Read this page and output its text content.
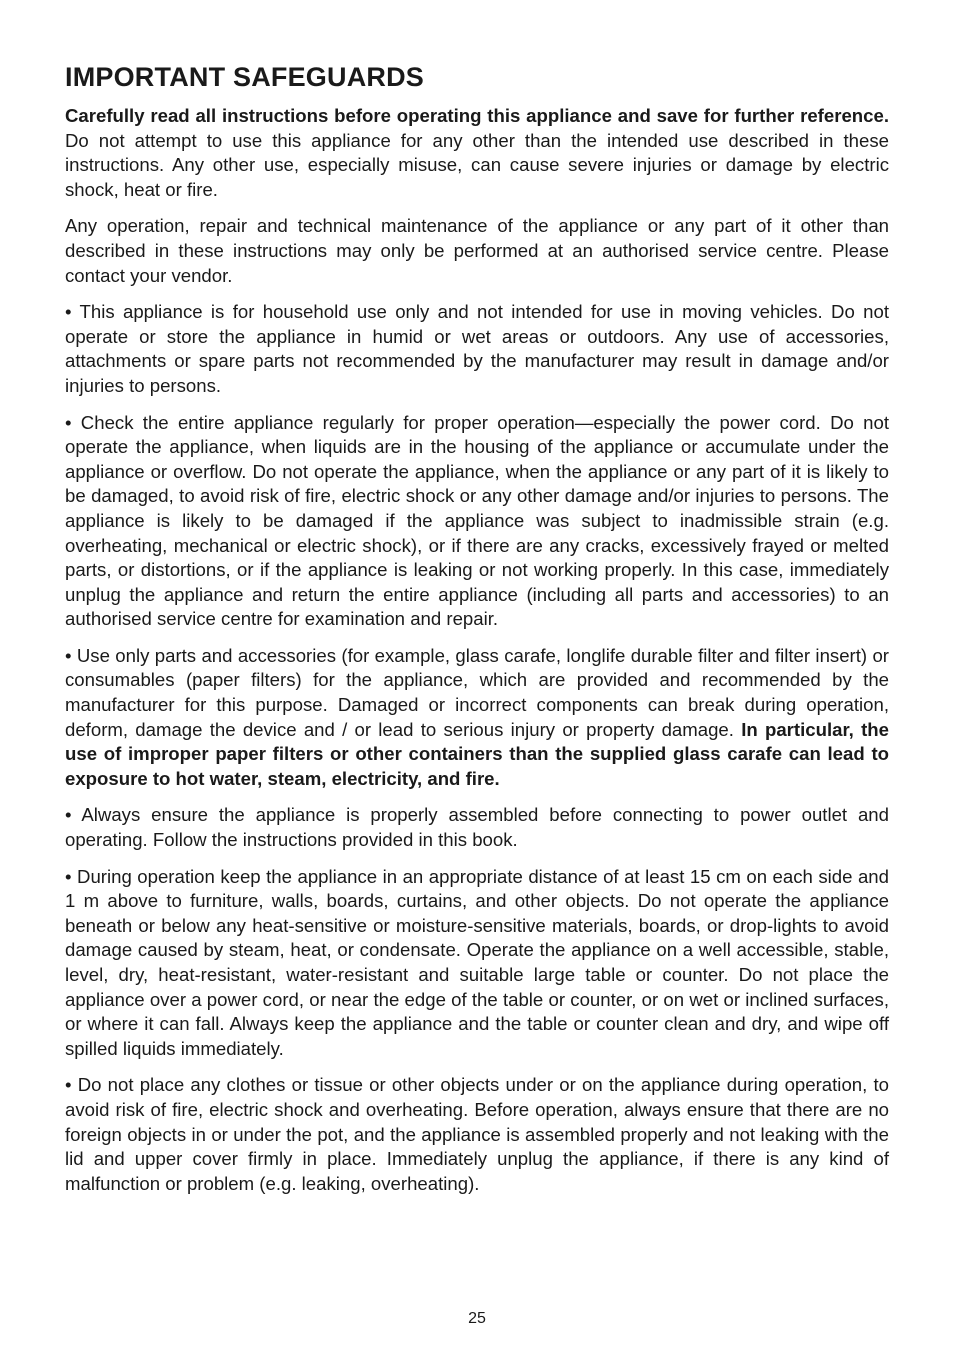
IMPORTANT SAFEGUARDS

Carefully read all instructions before operating this appliance and save for further reference. Do not attempt to use this appliance for any other than the intended use described in these instructions. Any other use, especially misuse, can cause severe injuries or damage by electric shock, heat or fire.

Any operation, repair and technical maintenance of the appliance or any part of it other than described in these instructions may only be performed at an authorised service centre. Please contact your vendor.

• This appliance is for household use only and not intended for use in moving vehicles. Do not operate or store the appliance in humid or wet areas or outdoors. Any use of accessories, attachments or spare parts not recommended by the manufacturer may result in damage and/or injuries to persons.

• Check the entire appliance regularly for proper operation—especially the power cord. Do not operate the appliance, when liquids are in the housing of the appliance or accumulate under the appliance or overflow. Do not operate the appliance, when the appliance or any part of it is likely to be damaged, to avoid risk of fire, electric shock or any other damage and/or injuries to persons. The appliance is likely to be damaged if the appliance was subject to inadmissible strain (e.g. overheating, mechanical or electric shock), or if there are any cracks, excessively frayed or melted parts, or distortions, or if the appliance is leaking or not working properly. In this case, immediately unplug the appliance and return the entire appliance (including all parts and accessories) to an authorised service centre for examination and repair.

• Use only parts and accessories (for example, glass carafe, longlife durable filter and filter insert) or consumables (paper filters) for the appliance, which are provided and recommended by the manufacturer for this purpose. Damaged or incorrect components can break during operation, deform, damage the device and / or lead to serious injury or property damage. In particular, the use of improper paper filters or other containers than the supplied glass carafe can lead to exposure to hot water, steam, electricity, and fire.

• Always ensure the appliance is properly assembled before connecting to power outlet and operating. Follow the instructions provided in this book.

• During operation keep the appliance in an appropriate distance of at least 15 cm on each side and 1 m above to furniture, walls, boards, curtains, and other objects. Do not operate the appliance beneath or below any heat-sensitive or moisture-sensitive materials, boards, or drop-lights to avoid damage caused by steam, heat, or condensate. Operate the appliance on a well accessible, stable, level, dry, heat-resistant, water-resistant and suitable large table or counter. Do not place the appliance over a power cord, or near the edge of the table or counter, or on wet or inclined surfaces, or where it can fall. Always keep the appliance and the table or counter clean and dry, and wipe off spilled liquids immediately.

• Do not place any clothes or tissue or other objects under or on the appliance during operation, to avoid risk of fire, electric shock and overheating. Before operation, always ensure that there are no foreign objects in or under the pot, and the appliance is assembled properly and not leaking with the lid and upper cover firmly in place. Immediately unplug the appliance, if there is any kind of malfunction or problem (e.g. leaking, overheating).

25
